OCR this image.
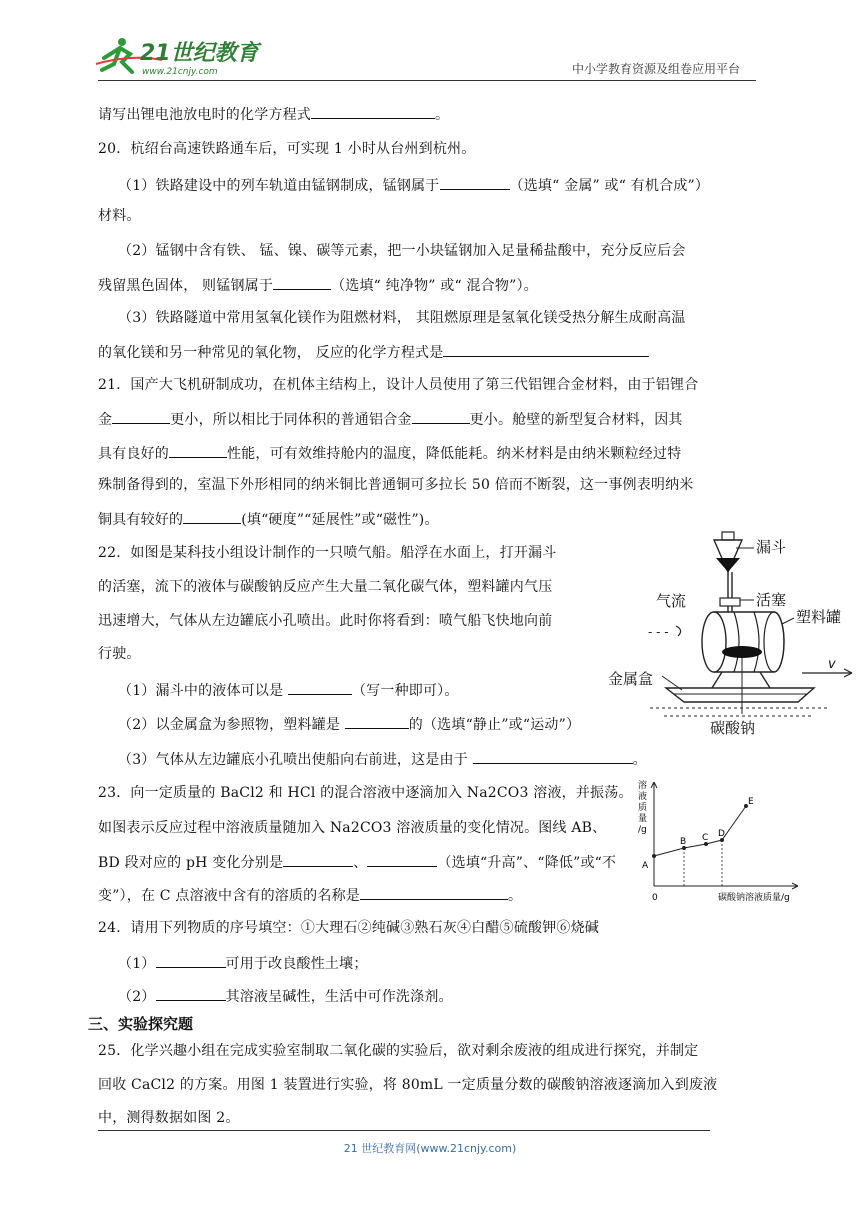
21世纪教育
www.21cnjy.com	中小学教育资源及组卷应用平台
请写出锂电池放电时的化学方程式	。
20．杭绍台高速铁路通车后，可实现 1 小时从台州到杭州。
（1）铁路建设中的列车轨道由锰钢制成，锰钢属于	（选填“ 金属” 或“ 有机合成”）
材料。
（2）锰钢中含有铁、 锰、镍、碳等元素，把一小块锰钢加入足量稀盐酸中，充分反应后会
残留黑色固体， 则锰钢属于	（选填“ 纯净物” 或“ 混合物”）。
（3）铁路隧道中常用氢氧化镁作为阻燃材料， 其阻燃原理是氢氧化镁受热分解生成耐高温
的氧化镁和另一种常见的氧化物， 反应的化学方程式是
21．国产大飞机研制成功，在机体主结构上，设计人员使用了第三代铝锂合金材料，由于铝锂合
金	更小，所以相比于同体积的普通铝合金	更小。舱壁的新型复合材料，因其
具有良好的	性能，可有效维持舱内的温度，降低能耗。纳米材料是由纳米颗粒经过特
殊制备得到的，室温下外形相同的纳米铜比普通铜可多拉长 50 倍而不断裂，这一事例表明纳米
铜具有较好的	(填“硬度”“延展性”或“磁性”)。
22．如图是某科技小组设计制作的一只喷气船。船浮在水面上，打开漏斗
的活塞，流下的液体与碳酸钠反应产生大量二氧化碳气体，塑料罐内气压
迅速增大，气体从左边罐底小孔喷出。此时你将看到：喷气船飞快地向前
行驶。
（1）漏斗中的液体可以是	（写一种即可）。
（2）以金属盒为参照物，塑料罐是	的（选填“静止”或“运动”）
（3）气体从左边罐底小孔喷出使船向右前进，这是由于	。
- - -
漏斗
活塞
气流
塑料罐
金属盒
碳酸钠
v
23．向一定质量的 BaCl2 和 HCl 的混合溶液中逐滴加入 Na2CO3 溶液，并振荡。
如图表示反应过程中溶液质量随加入 Na2CO3 溶液质量的变化情况。图线 AB、
BD 段对应的 pH 变化分别是	、	（选填“升高”、“降低”或“不
变”），在 C 点溶液中含有的溶质的名称是	。
溶
液
质
量
/g
0	碳酸钠溶液质量/g
A
B C D
E
24．请用下列物质的序号填空：①大理石②纯碱③熟石灰④白醋⑤硫酸钾⑥烧碱
（1）	可用于改良酸性土壤；
（2）	其溶液呈碱性，生活中可作洗涤剂。
三、实验探究题
25．化学兴趣小组在完成实验室制取二氧化碳的实验后，欲对剩余废液的组成进行探究，并制定
回收 CaCl2 的方案。用图 1 装置进行实验，将 80mL 一定质量分数的碳酸钠溶液逐滴加入到废液
中，测得数据如图 2。
21 世纪教育网(www.21cnjy.com)
